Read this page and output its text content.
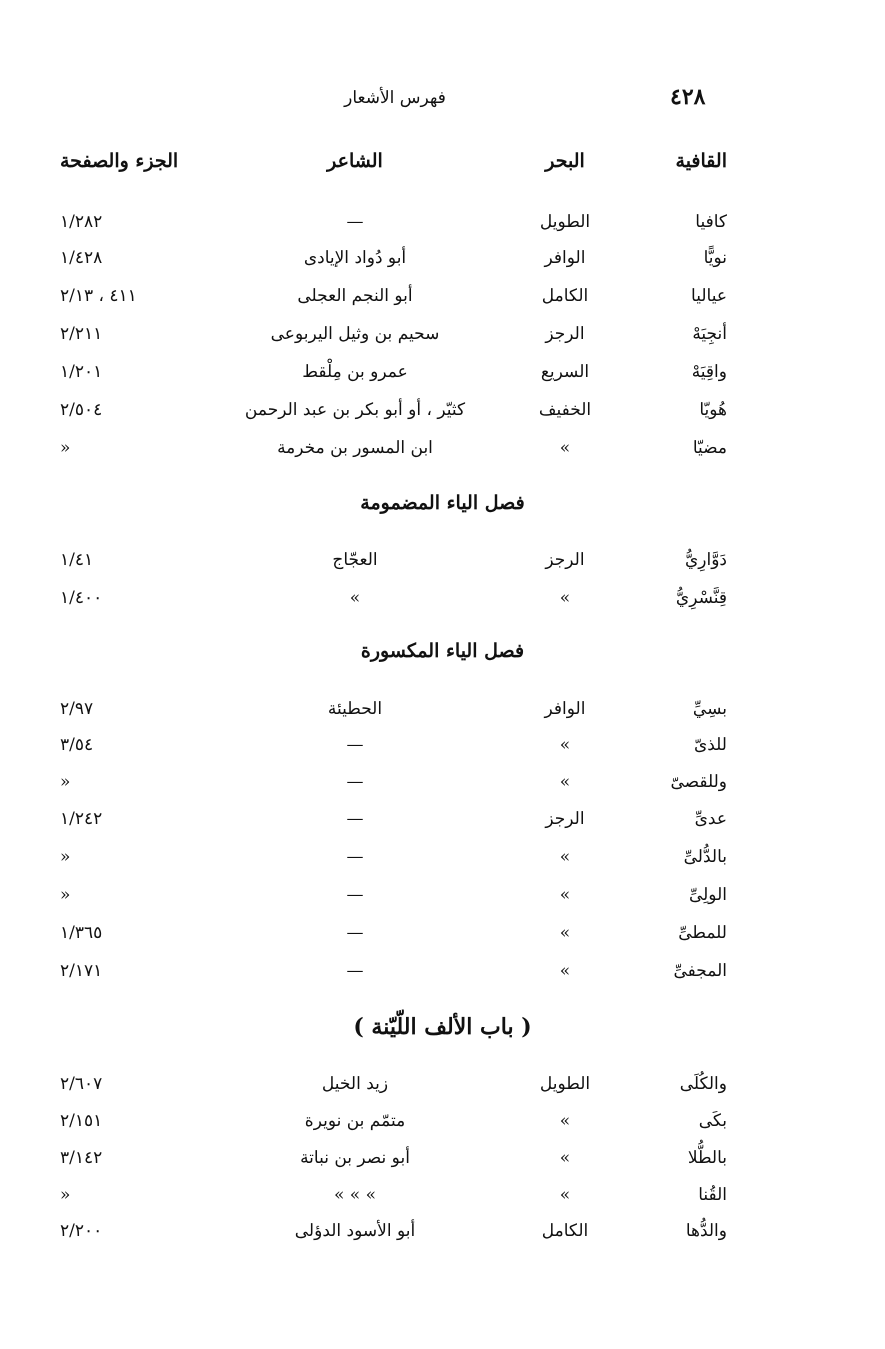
٤٢٨
فهرس الأشعار
القافية
البحر
الشاعر
الجزء والصفحة
كافيا
الطويل
—
١/٢٨٢
نويًّا
الوافر
أبو دُواد الإيادى
١/٤٢٨
عياليا
الكامل
أبو النجم العجلى
٤١١ ، ٢/١٣
أنجِيَهْ
الرجز
سحيم بن وثيل اليربوعى
٢/٢١١
واقِيَهْ
السريع
عمرو بن مِلْقط
١/٢٠١
هُويّا
الخفيف
كثيّر ، أو أبو بكر بن عبد الرحمن
٢/٥٠٤
مضيّا
»
ابن المسور بن مخرمة
»
فصل الياء المضمومة
دَوَّارِيُّ
الرجز
العجّاج
١/٤١
قِنَّسْرِيُّ
»
»
١/٤٠٠
فصل الياء المكسورة
بسِيِّ
الوافر
الحطيئة
٢/٩٧
للذىّ
»
—
٣/٥٤
وللقصىّ
»
—
»
عدىِّ
الرجز
—
١/٢٤٢
بالدُّلىِّ
»
—
»
الولِىِّ
»
—
»
للمطىِّ
»
—
١/٣٦٥
المجفىِّ
»
—
٢/١٧١
( باب الألف اللّيّنة )
والكُلَى
الطويل
زيد الخيل
٢/٦٠٧
بكَى
»
متمّم بن نويرة
٢/١٥١
بالطُّلا
»
أبو نصر بن نباتة
٣/١٤٢
القُنا
»
» » »
»
والدُّها
الكامل
أبو الأسود الدؤلى
٢/٢٠٠
